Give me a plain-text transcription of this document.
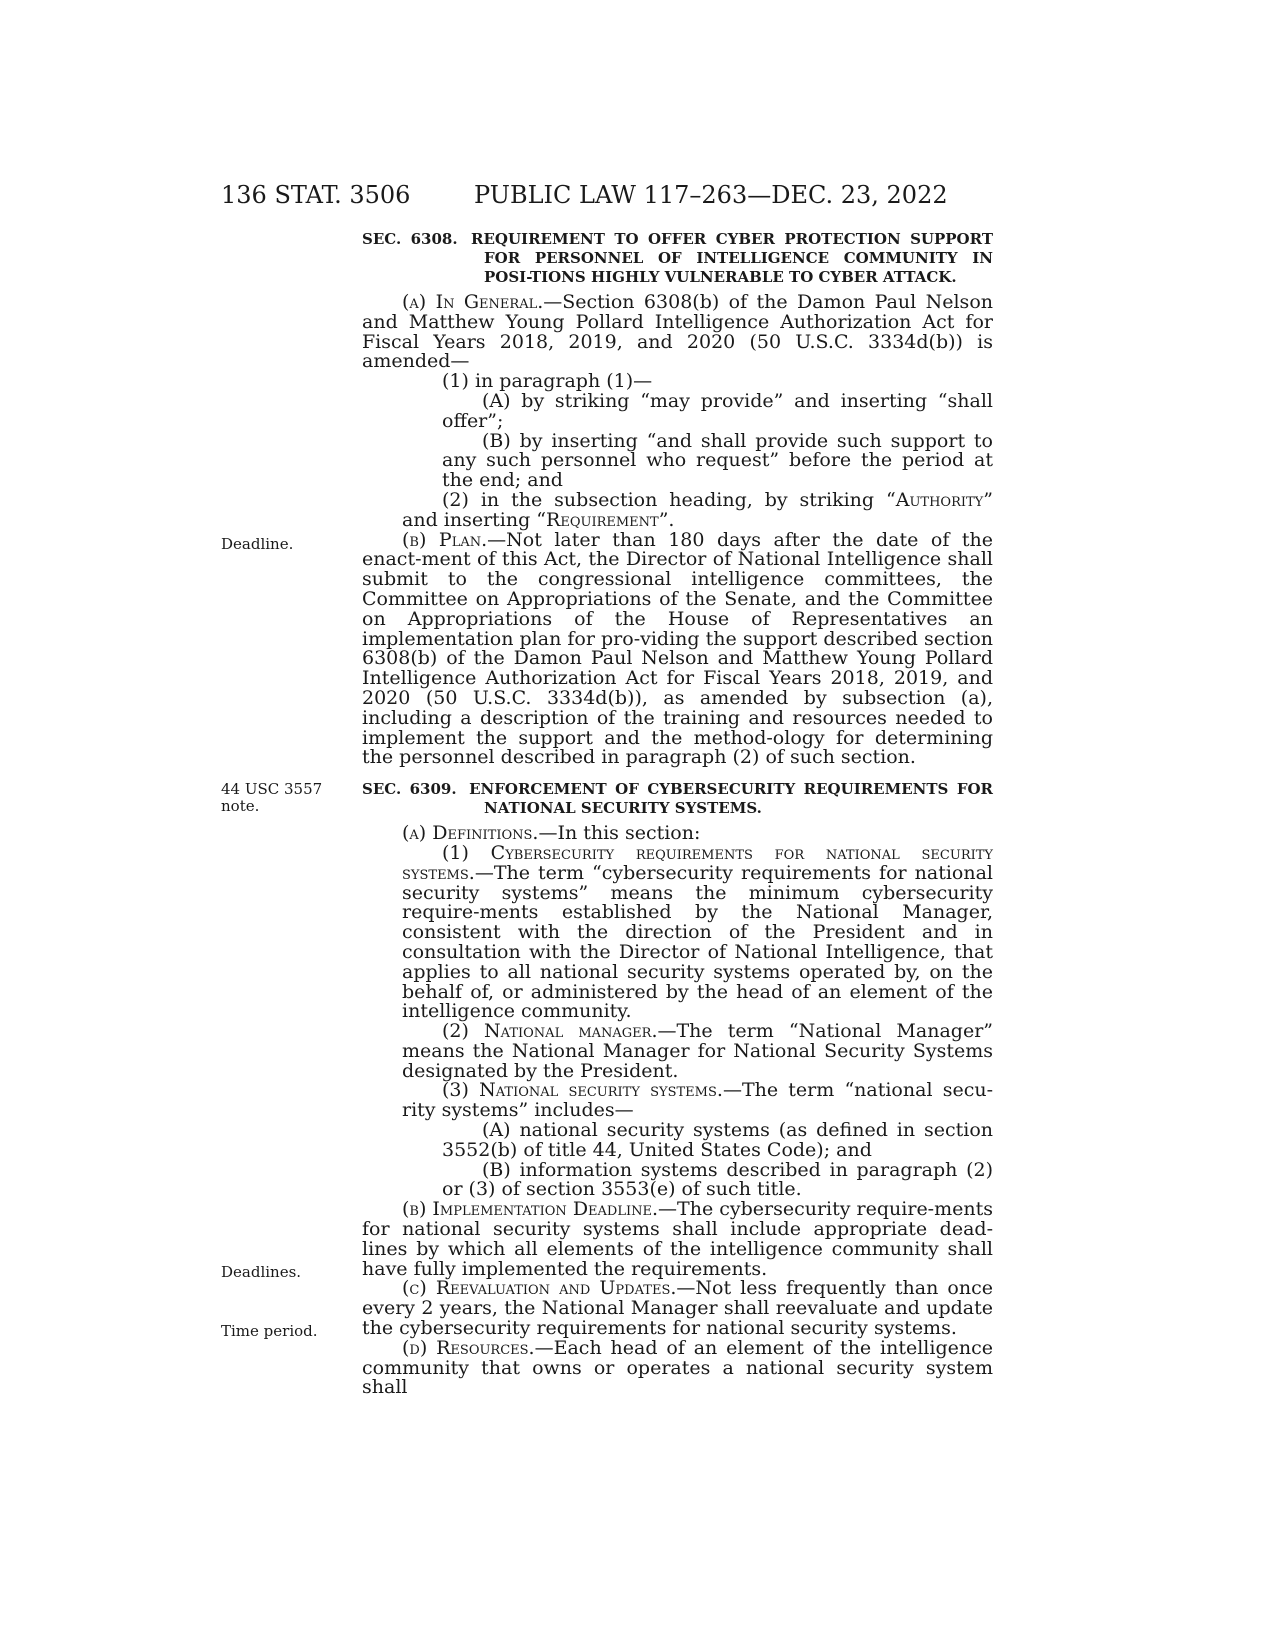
136 STAT. 3506	PUBLIC LAW 117–263—DEC. 23, 2022
Deadline.
44 USC 3557 note.
Deadlines.
Time period.

SEC. 6308. REQUIREMENT TO OFFER CYBER PROTECTION SUPPORT FOR PERSONNEL OF INTELLIGENCE COMMUNITY IN POSI-TIONS HIGHLY VULNERABLE TO CYBER ATTACK.

(a) In General.—Section 6308(b) of the Damon Paul Nelson and Matthew Young Pollard Intelligence Authorization Act for Fiscal Years 2018, 2019, and 2020 (50 U.S.C. 3334d(b)) is amended—

(1) in paragraph (1)—

(A) by striking “may provide” and inserting “shall offer”;

(B) by inserting “and shall provide such support to any such personnel who request” before the period at the end; and

(2) in the subsection heading, by striking “Authority” and inserting “Requirement”.

(b) Plan.—Not later than 180 days after the date of the enact-ment of this Act, the Director of National Intelligence shall submit to the congressional intelligence committees, the Committee on Appropriations of the Senate, and the Committee on Appropriations of the House of Representatives an implementation plan for pro-viding the support described section 6308(b) of the Damon Paul Nelson and Matthew Young Pollard Intelligence Authorization Act for Fiscal Years 2018, 2019, and 2020 (50 U.S.C. 3334d(b)), as amended by subsection (a), including a description of the training and resources needed to implement the support and the method-ology for determining the personnel described in paragraph (2) of such section.

SEC. 6309. ENFORCEMENT OF CYBERSECURITY REQUIREMENTS FOR NATIONAL SECURITY SYSTEMS.

(a) Definitions.—In this section:

(1) Cybersecurity requirements for national security systems.—The term “cybersecurity requirements for national security systems” means the minimum cybersecurity require-ments established by the National Manager, consistent with the direction of the President and in consultation with the Director of National Intelligence, that applies to all national security systems operated by, on the behalf of, or administered by the head of an element of the intelligence community.

(2) National manager.—The term “National Manager” means the National Manager for National Security Systems designated by the President.

(3) National security systems.—The term “national secu-rity systems” includes—

(A) national security systems (as defined in section 3552(b) of title 44, United States Code); and

(B) information systems described in paragraph (2) or (3) of section 3553(e) of such title.

(b) Implementation Deadline.—The cybersecurity require-ments for national security systems shall include appropriate dead-lines by which all elements of the intelligence community shall have fully implemented the requirements.

(c) Reevaluation and Updates.—Not less frequently than once every 2 years, the National Manager shall reevaluate and update the cybersecurity requirements for national security systems.

(d) Resources.—Each head of an element of the intelligence community that owns or operates a national security system shall
